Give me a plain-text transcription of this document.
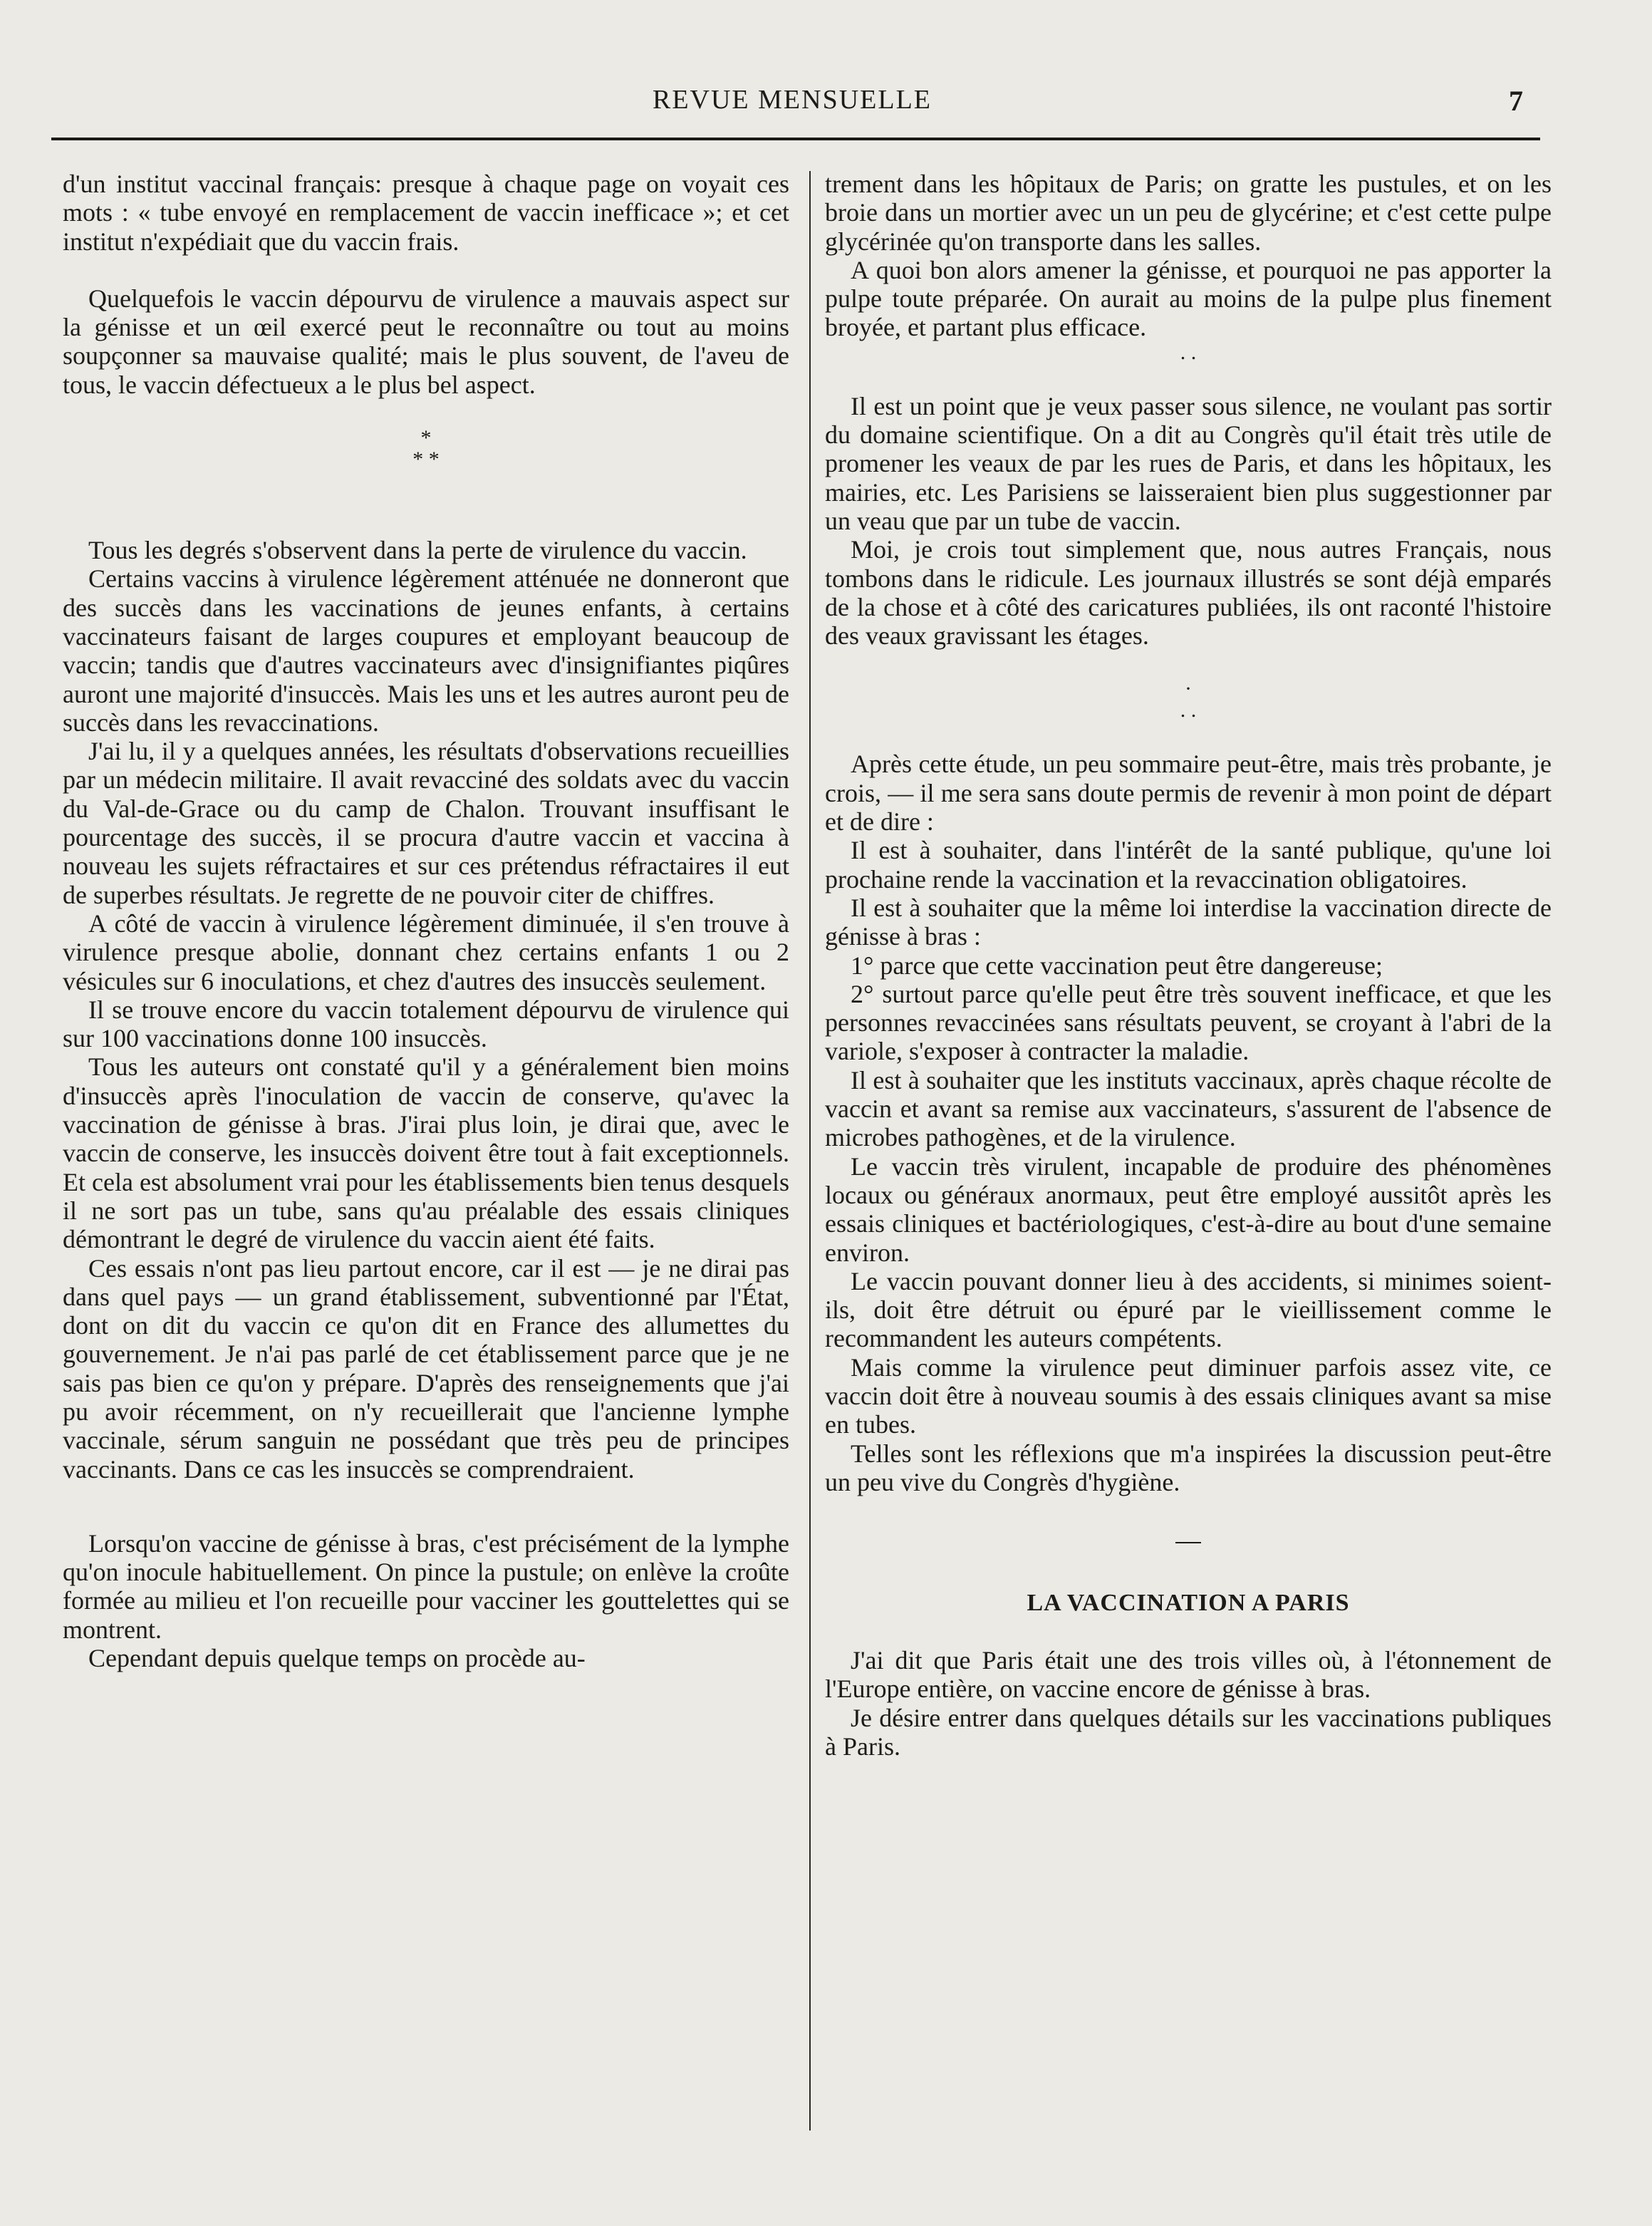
REVUE MENSUELLE	7

d'un institut vaccinal français: presque à chaque page on voyait ces mots : « tube envoyé en remplacement de vaccin inefficace »; et cet institut n'expédiait que du vaccin frais.

Quelquefois le vaccin dépourvu de virulence a mauvais aspect sur la génisse et un œil exercé peut le reconnaître ou tout au moins soupçonner sa mauvaise qualité; mais le plus souvent, de l'aveu de tous, le vaccin défectueux a le plus bel aspect.

*
* *

Tous les degrés s'observent dans la perte de virulence du vaccin.

Certains vaccins à virulence légèrement atténuée ne donneront que des succès dans les vaccinations de jeunes enfants, à certains vaccinateurs faisant de larges coupures et employant beaucoup de vaccin; tandis que d'autres vaccinateurs avec d'insignifiantes piqûres auront une majorité d'insuccès. Mais les uns et les autres auront peu de succès dans les revaccinations.

J'ai lu, il y a quelques années, les résultats d'observations recueillies par un médecin militaire. Il avait revacciné des soldats avec du vaccin du Val-de-Grace ou du camp de Chalon. Trouvant insuffisant le pourcentage des succès, il se procura d'autre vaccin et vaccina à nouveau les sujets réfractaires et sur ces prétendus réfractaires il eut de superbes résultats. Je regrette de ne pouvoir citer de chiffres.

A côté de vaccin à virulence légèrement diminuée, il s'en trouve à virulence presque abolie, donnant chez certains enfants 1 ou 2 vésicules sur 6 inoculations, et chez d'autres des insuccès seulement.

Il se trouve encore du vaccin totalement dépourvu de virulence qui sur 100 vaccinations donne 100 insuccès.

Tous les auteurs ont constaté qu'il y a généralement bien moins d'insuccès après l'inoculation de vaccin de conserve, qu'avec la vaccination de génisse à bras. J'irai plus loin, je dirai que, avec le vaccin de conserve, les insuccès doivent être tout à fait exceptionnels. Et cela est absolument vrai pour les établissements bien tenus desquels il ne sort pas un tube, sans qu'au préalable des essais cliniques démontrant le degré de virulence du vaccin aient été faits.

Ces essais n'ont pas lieu partout encore, car il est — je ne dirai pas dans quel pays — un grand établissement, subventionné par l'État, dont on dit du vaccin ce qu'on dit en France des allumettes du gouvernement. Je n'ai pas parlé de cet établissement parce que je ne sais pas bien ce qu'on y prépare. D'après des renseignements que j'ai pu avoir récemment, on n'y recueillerait que l'ancienne lymphe vaccinale, sérum sanguin ne possédant que très peu de principes vaccinants. Dans ce cas les insuccès se comprendraient.

Lorsqu'on vaccine de génisse à bras, c'est précisément de la lymphe qu'on inocule habituellement. On pince la pustule; on enlève la croûte formée au milieu et l'on recueille pour vacciner les gouttelettes qui se montrent.

Cependant depuis quelque temps on procède au-

trement dans les hôpitaux de Paris; on gratte les pustules, et on les broie dans un mortier avec un un peu de glycérine; et c'est cette pulpe glycérinée qu'on transporte dans les salles.

A quoi bon alors amener la génisse, et pourquoi ne pas apporter la pulpe toute préparée. On aurait au moins de la pulpe plus finement broyée, et partant plus efficace.

. .

Il est un point que je veux passer sous silence, ne voulant pas sortir du domaine scientifique. On a dit au Congrès qu'il était très utile de promener les veaux de par les rues de Paris, et dans les hôpitaux, les mairies, etc. Les Parisiens se laisseraient bien plus suggestionner par un veau que par un tube de vaccin.

Moi, je crois tout simplement que, nous autres Français, nous tombons dans le ridicule. Les journaux illustrés se sont déjà emparés de la chose et à côté des caricatures publiées, ils ont raconté l'histoire des veaux gravissant les étages.

·
. .

Après cette étude, un peu sommaire peut-être, mais très probante, je crois, — il me sera sans doute permis de revenir à mon point de départ et de dire :

Il est à souhaiter, dans l'intérêt de la santé publique, qu'une loi prochaine rende la vaccination et la revaccination obligatoires.

Il est à souhaiter que la même loi interdise la vaccination directe de génisse à bras :

1° parce que cette vaccination peut être dangereuse;

2° surtout parce qu'elle peut être très souvent inefficace, et que les personnes revaccinées sans résultats peuvent, se croyant à l'abri de la variole, s'exposer à contracter la maladie.

Il est à souhaiter que les instituts vaccinaux, après chaque récolte de vaccin et avant sa remise aux vaccinateurs, s'assurent de l'absence de microbes pathogènes, et de la virulence.

Le vaccin très virulent, incapable de produire des phénomènes locaux ou généraux anormaux, peut être employé aussitôt après les essais cliniques et bactériologiques, c'est-à-dire au bout d'une semaine environ.

Le vaccin pouvant donner lieu à des accidents, si minimes soient-ils, doit être détruit ou épuré par le vieillissement comme le recommandent les auteurs compétents.

Mais comme la virulence peut diminuer parfois assez vite, ce vaccin doit être à nouveau soumis à des essais cliniques avant sa mise en tubes.

Telles sont les réflexions que m'a inspirées la discussion peut-être un peu vive du Congrès d'hygiène.

LA VACCINATION A PARIS

J'ai dit que Paris était une des trois villes où, à l'étonnement de l'Europe entière, on vaccine encore de génisse à bras.

Je désire entrer dans quelques détails sur les vaccinations publiques à Paris.
